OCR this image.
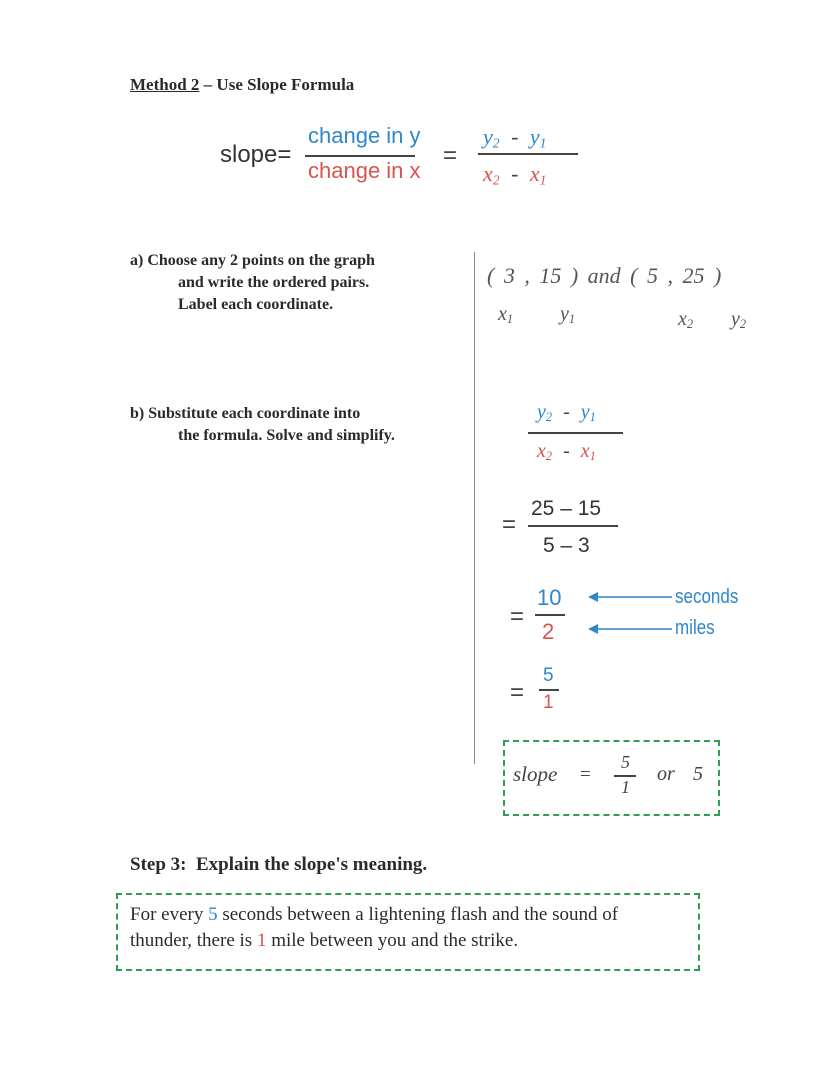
Method 2 – Use Slope Formula
slope=
change in y
change in x
=
$y_2 - y_1$
$x_2 - x_1$
a) Choose any 2 points on the graph
and write the ordered pairs.
Label each coordinate.
( 3 , 15 ) and ( 5 , 25 )
$x_1$ $y_1$	$x_2$ $y_2$
b) Substitute each coordinate into
the formula. Solve and simplify.
$y_2 - y_1$
$x_2 - x_1$
=
25 – 15
5 – 3
=
10
2
seconds
miles
=
5
1
slope =
5
1
or 5
Step 3:  Explain the slope's meaning.
For every 5 seconds between a lightening flash and the sound of
thunder, there is 1 mile between you and the strike.
